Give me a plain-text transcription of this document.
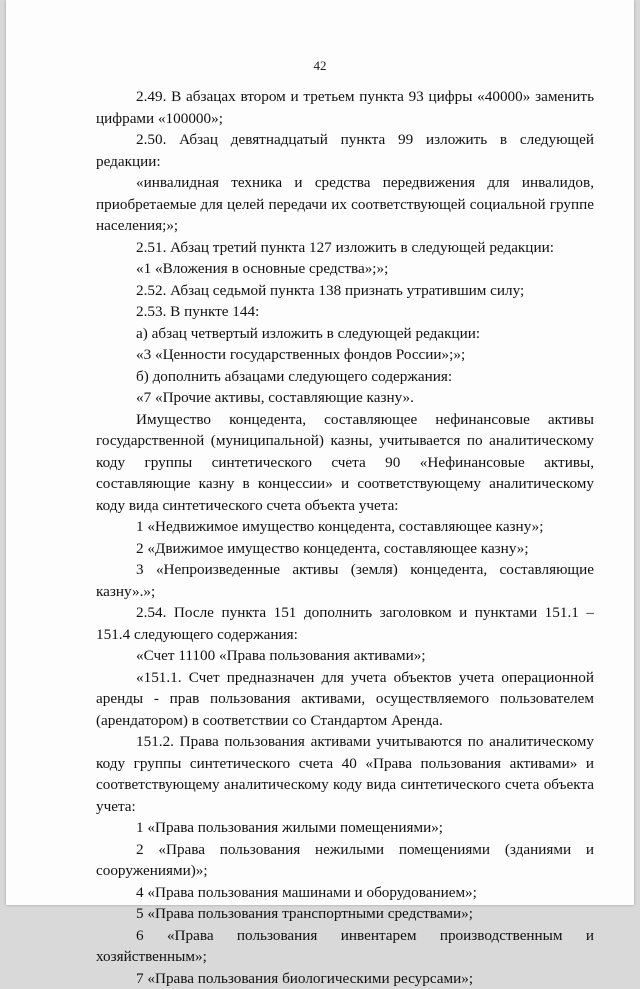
42

2.49. В абзацах втором и третьем пункта 93 цифры «40000» заменить цифрами «100000»;

2.50. Абзац девятнадцатый пункта 99 изложить в следующей редакции:

«инвалидная техника и средства передвижения для инвалидов, приобретаемые для целей передачи их соответствующей социальной группе населения;»;

2.51. Абзац третий пункта 127 изложить в следующей редакции:

«1 «Вложения в основные средства»;»;

2.52. Абзац седьмой пункта 138 признать утратившим силу;

2.53. В пункте 144:

а) абзац четвертый изложить в следующей редакции:

«3 «Ценности государственных фондов России»;»;

б) дополнить абзацами следующего содержания:

«7 «Прочие активы, составляющие казну».

Имущество концедента, составляющее нефинансовые активы государственной (муниципальной) казны, учитывается по аналитическому коду группы синтетического счета 90 «Нефинансовые активы, составляющие казну в концессии» и соответствующему аналитическому коду вида синтетического счета объекта учета:

1 «Недвижимое имущество концедента, составляющее казну»;

2 «Движимое имущество концедента, составляющее казну»;

3 «Непроизведенные активы (земля) концедента, составляющие казну».»;

2.54. После пункта 151 дополнить заголовком и пунктами 151.1 – 151.4 следующего содержания:

«Счет 11100 «Права пользования активами»;

«151.1. Счет предназначен для учета объектов учета операционной аренды - прав пользования активами, осуществляемого пользователем (арендатором) в соответствии со Стандартом Аренда.

151.2. Права пользования активами учитываются по аналитическому коду группы синтетического счета 40 «Права пользования активами» и соответствующему аналитическому коду вида синтетического счета объекта учета:

1 «Права пользования жилыми помещениями»;

2 «Права пользования нежилыми помещениями (зданиями и сооружениями)»;

4 «Права пользования машинами и оборудованием»;

5 «Права пользования транспортными средствами»;

6 «Права пользования инвентарем производственным и хозяйственным»;

7 «Права пользования биологическими ресурсами»;
